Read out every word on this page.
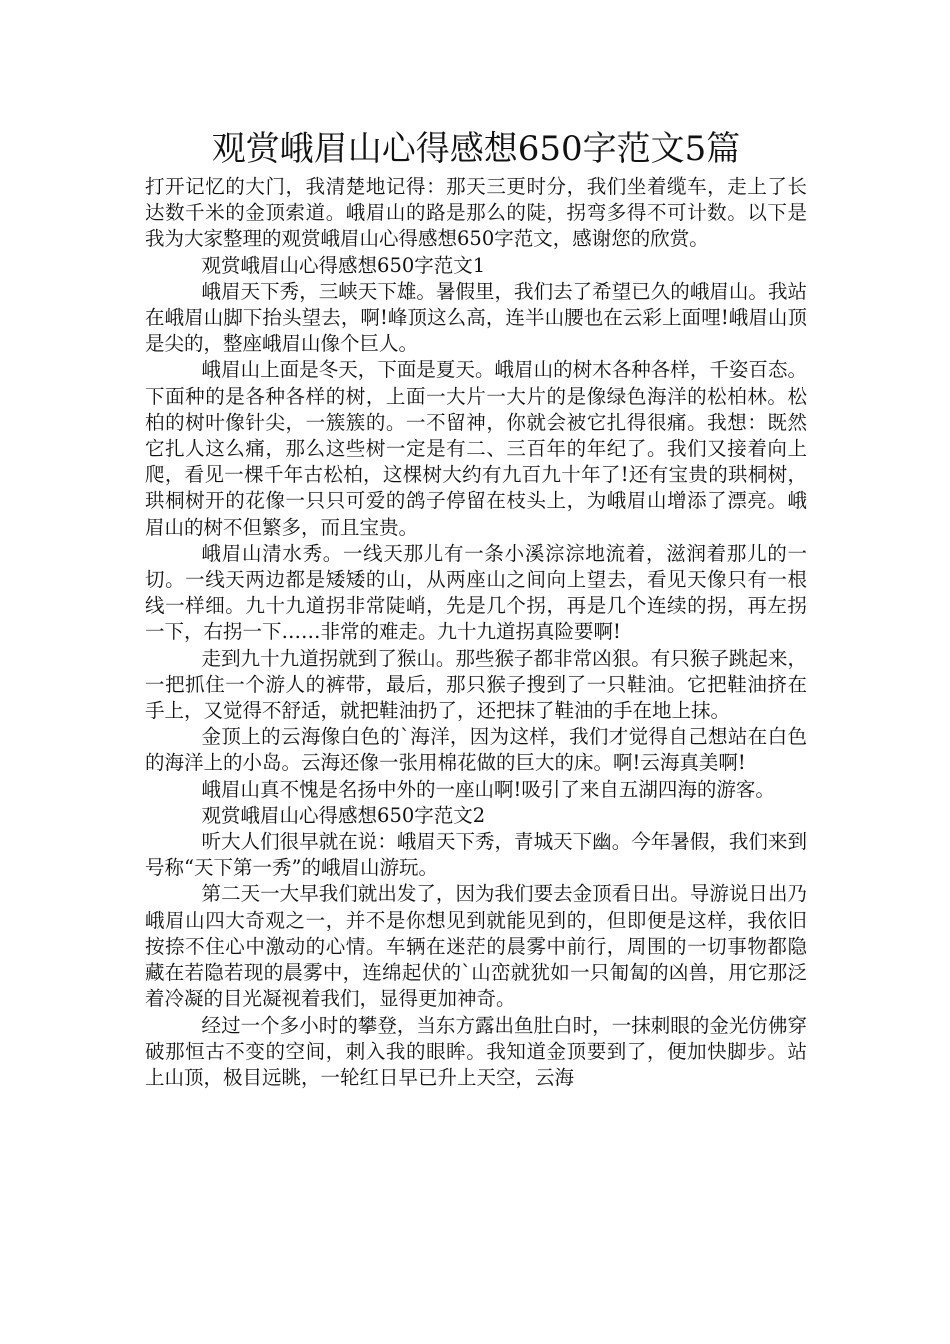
观赏峨眉山心得感想650字范文5篇

打开记忆的大门，我清楚地记得：那天三更时分，我们坐着缆车，走上了长达数千米的金顶索道。峨眉山的路是那么的陡，拐弯多得不可计数。以下是我为大家整理的观赏峨眉山心得感想650字范文，感谢您的欣赏。

观赏峨眉山心得感想650字范文1

峨眉天下秀，三峡天下雄。暑假里，我们去了希望已久的峨眉山。我站在峨眉山脚下抬头望去，啊!峰顶这么高，连半山腰也在云彩上面哩!峨眉山顶是尖的，整座峨眉山像个巨人。

峨眉山上面是冬天，下面是夏天。峨眉山的树木各种各样，千姿百态。下面种的是各种各样的树，上面一大片一大片的是像绿色海洋的松柏林。松柏的树叶像针尖，一簇簇的。一不留神，你就会被它扎得很痛。我想：既然它扎人这么痛，那么这些树一定是有二、三百年的年纪了。我们又接着向上爬，看见一棵千年古松柏，这棵树大约有九百九十年了!还有宝贵的珙桐树，珙桐树开的花像一只只可爱的鸽子停留在枝头上，为峨眉山增添了漂亮。峨眉山的树不但繁多，而且宝贵。

峨眉山清水秀。一线天那儿有一条小溪淙淙地流着，滋润着那儿的一切。一线天两边都是矮矮的山，从两座山之间向上望去，看见天像只有一根线一样细。九十九道拐非常陡峭，先是几个拐，再是几个连续的拐，再左拐一下，右拐一下……非常的难走。九十九道拐真险要啊!

走到九十九道拐就到了猴山。那些猴子都非常凶狠。有只猴子跳起来，一把抓住一个游人的裤带，最后，那只猴子搜到了一只鞋油。它把鞋油挤在手上，又觉得不舒适，就把鞋油扔了，还把抹了鞋油的手在地上抹。

金顶上的云海像白色的`海洋，因为这样，我们才觉得自己想站在白色的海洋上的小岛。云海还像一张用棉花做的巨大的床。啊!云海真美啊!

峨眉山真不愧是名扬中外的一座山啊!吸引了来自五湖四海的游客。

观赏峨眉山心得感想650字范文2

听大人们很早就在说：峨眉天下秀，青城天下幽。今年暑假，我们来到号称“天下第一秀”的峨眉山游玩。

第二天一大早我们就出发了，因为我们要去金顶看日出。导游说日出乃峨眉山四大奇观之一，并不是你想见到就能见到的，但即便是这样，我依旧按捺不住心中激动的心情。车辆在迷茫的晨雾中前行，周围的一切事物都隐藏在若隐若现的晨雾中，连绵起伏的`山峦就犹如一只匍匐的凶兽，用它那泛着冷凝的目光凝视着我们，显得更加神奇。

经过一个多小时的攀登，当东方露出鱼肚白时，一抹刺眼的金光仿佛穿破那恒古不变的空间，刺入我的眼眸。我知道金顶要到了，便加快脚步。站上山顶，极目远眺，一轮红日早已升上天空，云海
